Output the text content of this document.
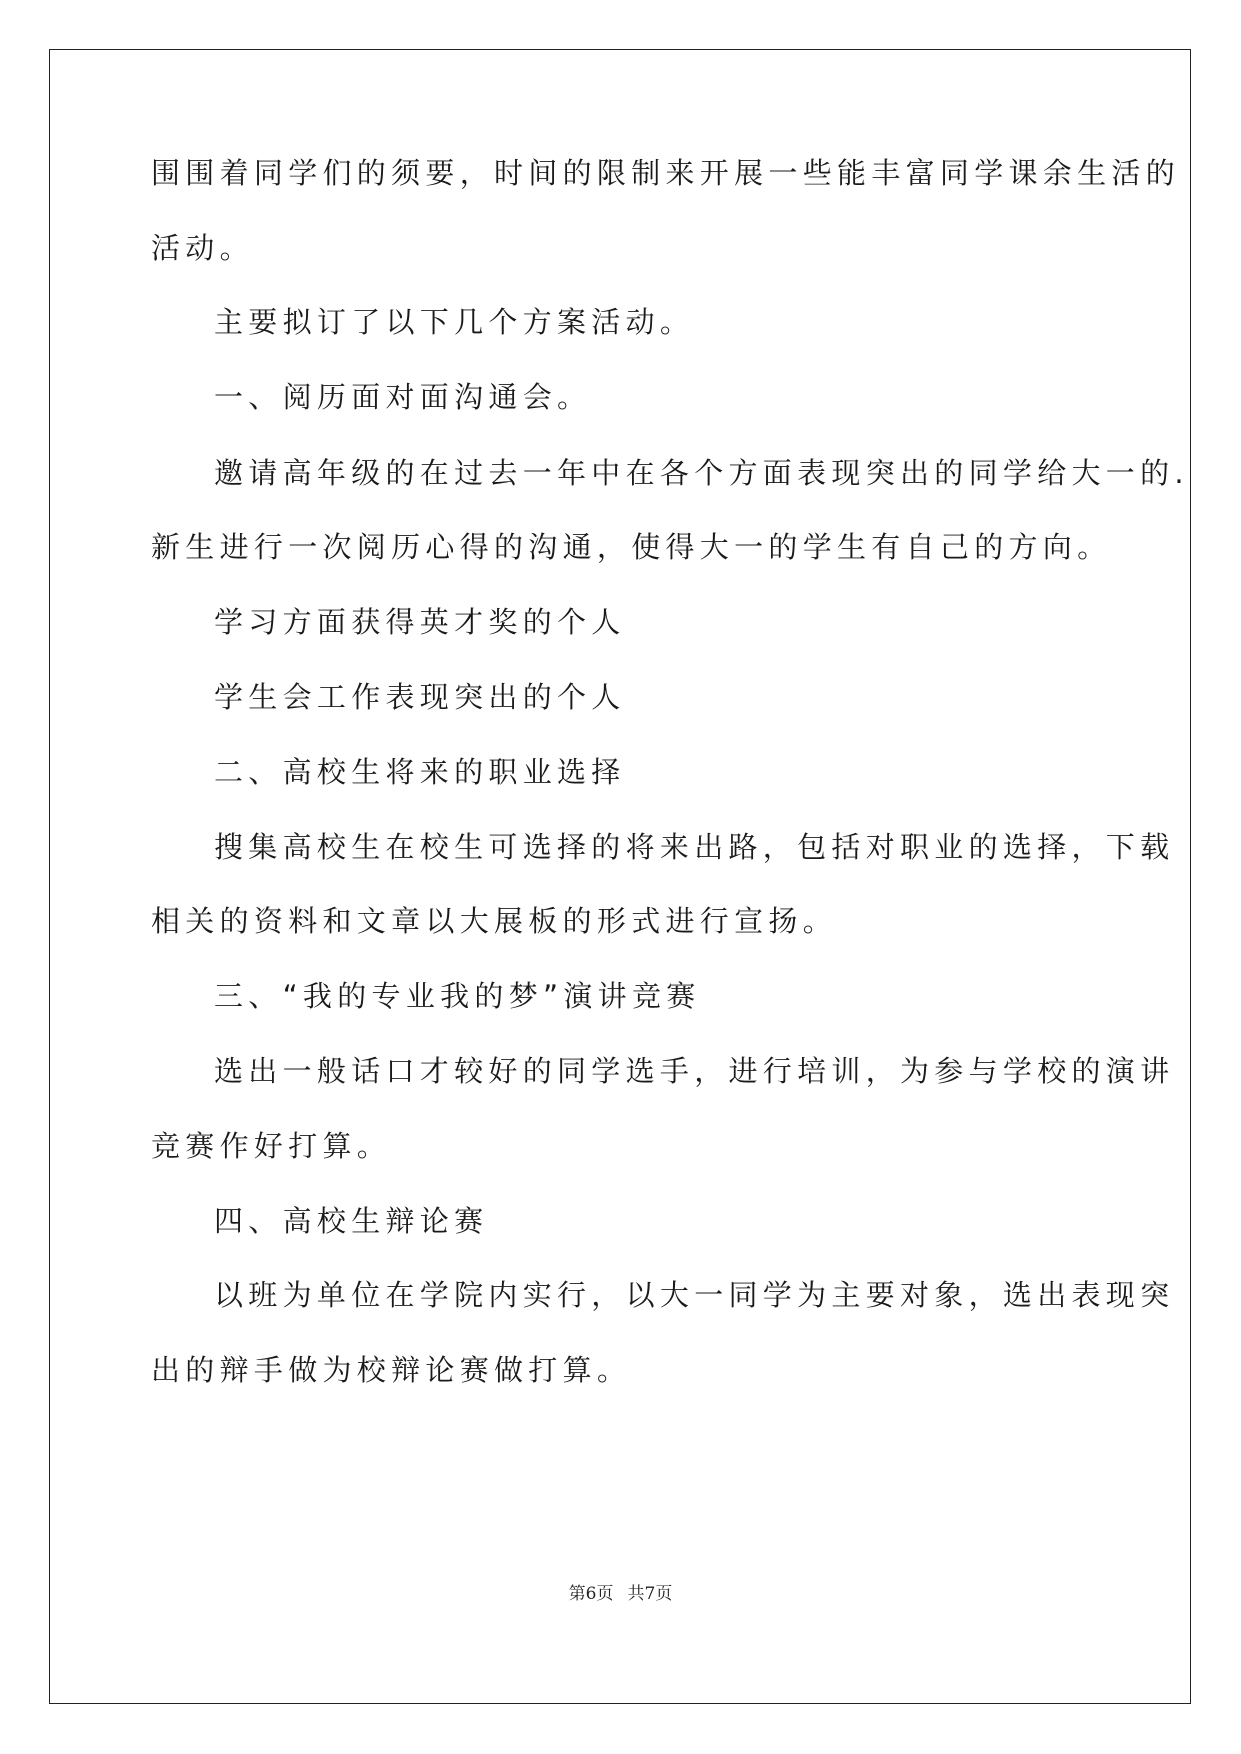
围围着同学们的须要，时间的限制来开展一些能丰富同学课余生活的
活动。
主要拟订了以下几个方案活动。
一、阅历面对面沟通会。
邀请高年级的在过去一年中在各个方面表现突出的同学给大一的.
新生进行一次阅历心得的沟通，使得大一的学生有自己的方向。
学习方面获得英才奖的个人
学生会工作表现突出的个人
二、高校生将来的职业选择
搜集高校生在校生可选择的将来出路，包括对职业的选择，下载
相关的资料和文章以大展板的形式进行宣扬。
三、“我的专业我的梦”演讲竞赛
选出一般话口才较好的同学选手，进行培训，为参与学校的演讲
竞赛作好打算。
四、高校生辩论赛
以班为单位在学院内实行，以大一同学为主要对象，选出表现突
出的辩手做为校辩论赛做打算。
第6页 共7页
